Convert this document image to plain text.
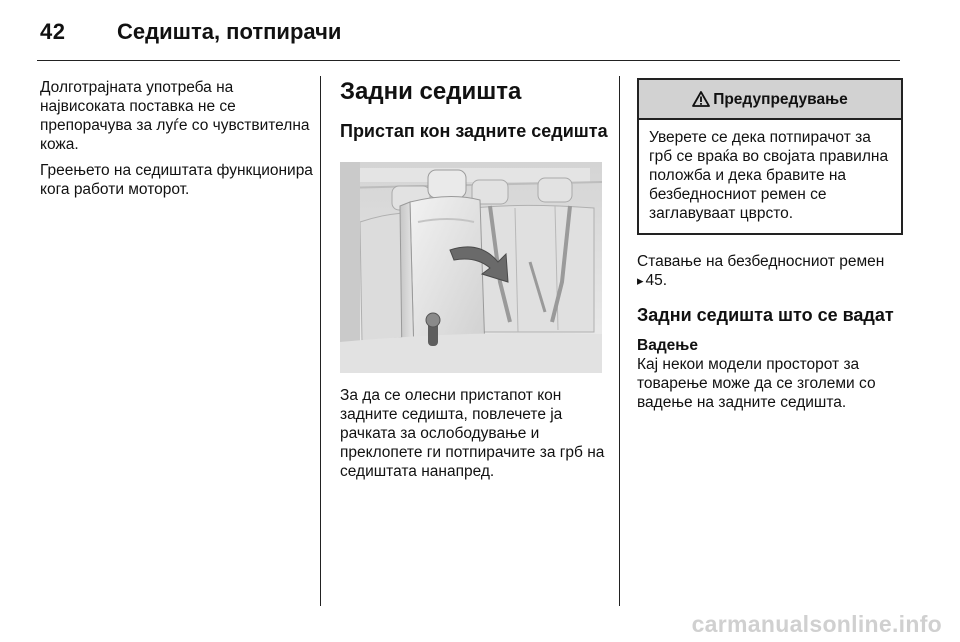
42 Седишта, потпирачи

Долготрајната употреба на највисоката поставка не се препорачува за луѓе со чувствителна кожа.

Греењето на седиштата функционира кога работи моторот.

Задни седишта
Пристап кон задните седишта

За да се олесни пристапот кон задните седишта, повлечете ја рачката за ослободување и преклопете ги потпирачите за грб на седиштата нанапред.

Предупредување
Уверете се дека потпирачот за грб се враќа во својата правилна положба и дека бравите на безбедносниот ремен се заглавуваат цврсто.

Ставање на безбедносниот ремен
▸ 45.

Задни седишта што се вадат
Вадење

Кај некои модели просторот за товарење може да се зголеми со вадење на задните седишта.

carmanualsonline.info
